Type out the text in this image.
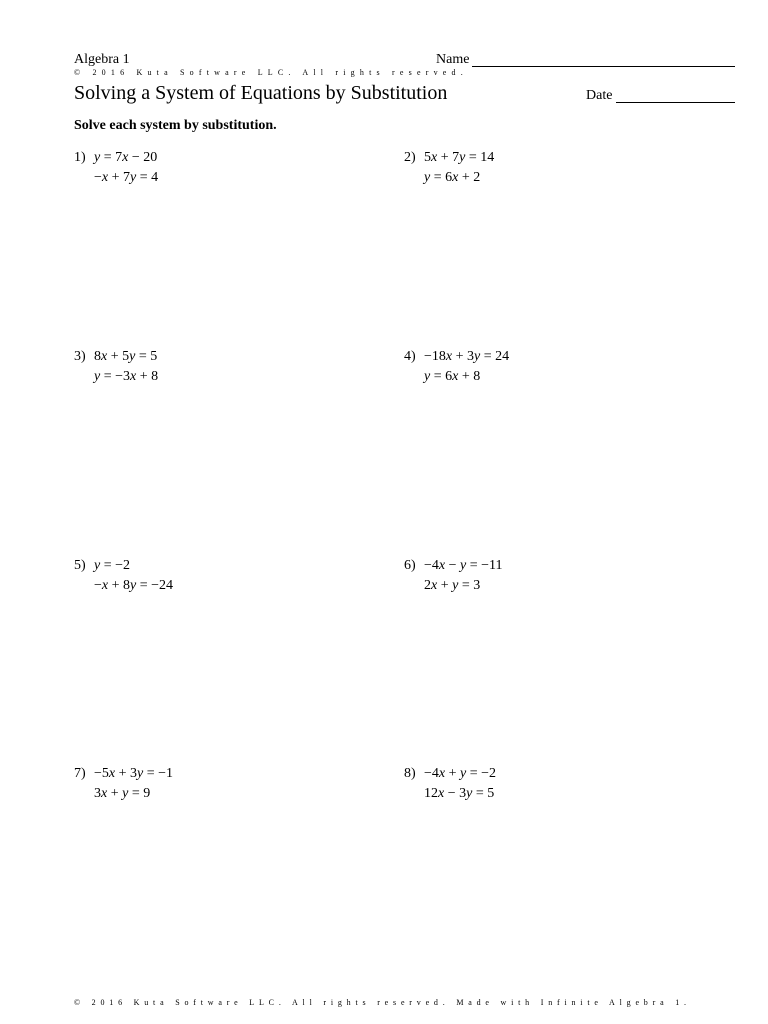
Algebra 1	Name
© 2016 Kuta Software LLC. All rights reserved.
Solving a System of Equations by Substitution	Date
Solve each system by substitution.
1) y = 7x − 20
−x + 7y = 4
2) 5x + 7y = 14
y = 6x + 2
3) 8x + 5y = 5
y = −3x + 8
4) −18x + 3y = 24
y = 6x + 8
5) y = −2
−x + 8y = −24
6) −4x − y = −11
2x + y = 3
7) −5x + 3y = −1
3x + y = 9
8) −4x + y = −2
12x − 3y = 5
© 2016 Kuta Software LLC. All rights reserved. Made with Infinite Algebra 1.
